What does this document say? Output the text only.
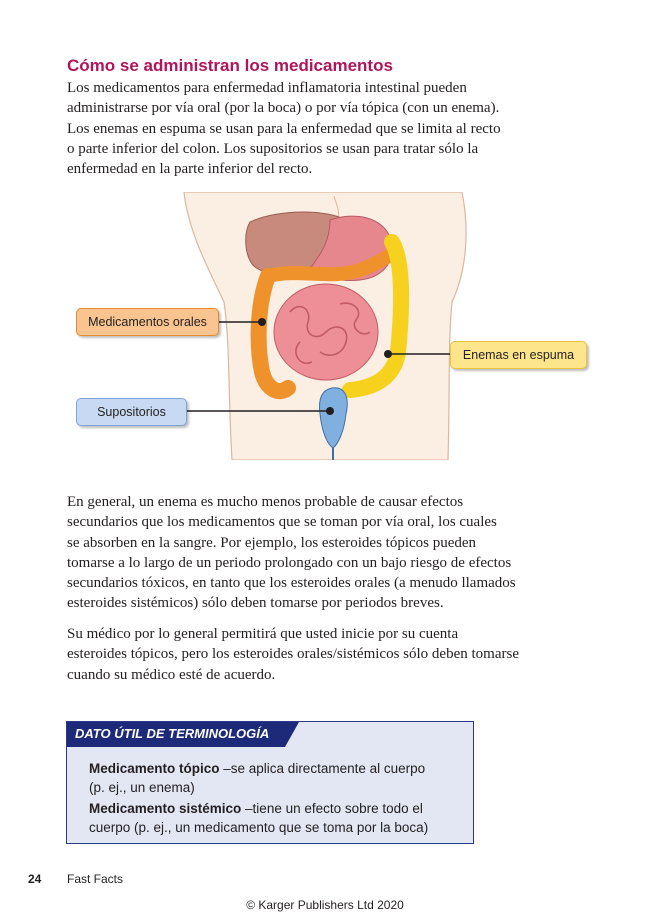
Cómo se administran los medicamentos

Los medicamentos para enfermedad inflamatoria intestinal pueden
administrarse por vía oral (por la boca) o por vía tópica (con un enema).
Los enemas en espuma se usan para la enfermedad que se limita al recto
o parte inferior del colon. Los supositorios se usan para tratar sólo la
enfermedad en la parte inferior del recto.

Medicamentos orales
Enemas en espuma
Supositorios

En general, un enema es mucho menos probable de causar efectos
secundarios que los medicamentos que se toman por vía oral, los cuales
se absorben en la sangre. Por ejemplo, los esteroides tópicos pueden
tomarse a lo largo de un periodo prolongado con un bajo riesgo de efectos
secundarios tóxicos, en tanto que los esteroides orales (a menudo llamados
esteroides sistémicos) sólo deben tomarse por periodos breves.

Su médico por lo general permitirá que usted inicie por su cuenta
esteroides tópicos, pero los esteroides orales/sistémicos sólo deben tomarse
cuando su médico esté de acuerdo.

DATO ÚTIL DE TERMINOLOGÍA

Medicamento tópico –se aplica directamente al cuerpo
(p. ej., un enema)

Medicamento sistémico –tiene un efecto sobre todo el
cuerpo (p. ej., un medicamento que se toma por la boca)

24 Fast Facts
© Karger Publishers Ltd 2020
